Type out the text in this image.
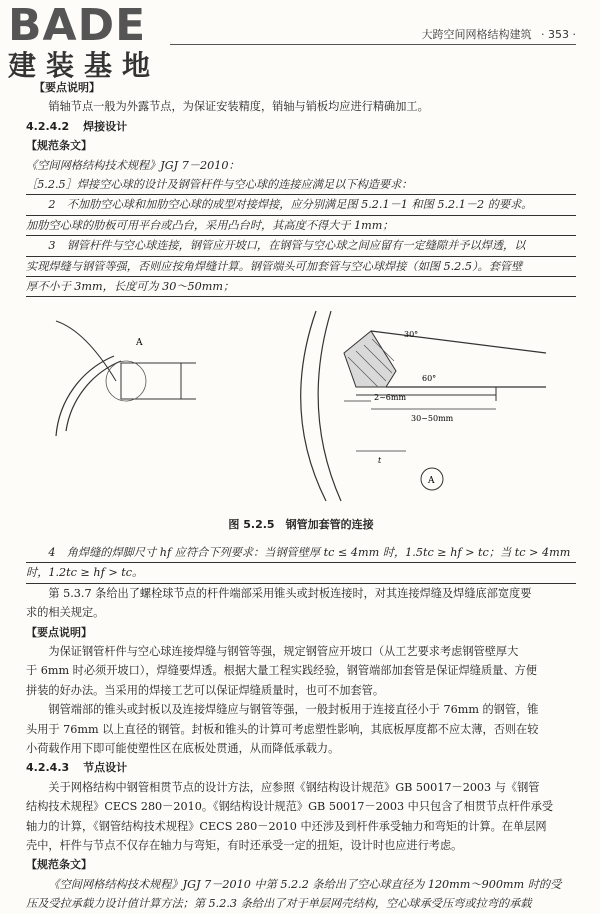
BADE
建装基地
大跨空间网格结构建筑 · 353 ·

【要点说明】

销轴节点一般为外露节点，为保证安装精度，销轴与销板均应进行精确加工。

4.2.4.2 焊接设计

【规范条文】

《空间网格结构技术规程》JGJ 7－2010：

［5.2.5］焊接空心球的设计及钢管杆件与空心球的连接应满足以下构造要求：

2　不加肋空心球和加肋空心球的成型对接焊接，应分别满足图 5.2.1－1 和图 5.2.1－2 的要求。

加肋空心球的肋板可用平台或凸台，采用凸台时，其高度不得大于 1mm；

3　钢管杆件与空心球连接，钢管应开坡口，在钢管与空心球之间应留有一定缝隙并予以焊透，以

实现焊缝与钢管等强，否则应按角焊缝计算。钢管端头可加套管与空心球焊接（如图 5.2.5）。套管壁

厚不小于 3mm，长度可为 30～50mm；

A
30°
60°
2~6mm
30~50mm
t
A

图 5.2.5　钢管加套管的连接

4　角焊缝的焊脚尺寸 hf 应符合下列要求：当钢管壁厚 tc ≤ 4mm 时，1.5tc ≥ hf > tc；当 tc > 4mm

时，1.2tc ≥ hf > tc。

第 5.3.7 条给出了螺栓球节点的杆件端部采用锥头或封板连接时，对其连接焊缝及焊缝底部宽度要

求的相关规定。

【要点说明】

为保证钢管杆件与空心球连接焊缝与钢管等强，规定钢管应开坡口（从工艺要求考虑钢管壁厚大

于 6mm 时必须开坡口），焊缝要焊透。根据大量工程实践经验，钢管端部加套管是保证焊缝质量、方便

拼装的好办法。当采用的焊接工艺可以保证焊缝质量时，也可不加套管。

钢管端部的锥头或封板以及连接焊缝应与钢管等强，一般封板用于连接直径小于 76mm 的钢管，锥

头用于 76mm 以上直径的钢管。封板和锥头的计算可考虑塑性影响，其底板厚度都不应太薄，否则在较

小荷载作用下即可能使塑性区在底板处贯通，从而降低承载力。

4.2.4.3 节点设计

关于网格结构中钢管相贯节点的设计方法，应参照《钢结构设计规范》GB 50017－2003 与《钢管

结构技术规程》CECS 280－2010。《钢结构设计规范》GB 50017－2003 中只包含了相贯节点杆件承受

轴力的计算，《钢管结构技术规程》CECS 280－2010 中还涉及到杆件承受轴力和弯矩的计算。在单层网

壳中，杆件与节点不仅存在轴力与弯矩，有时还承受一定的扭矩，设计时也应进行考虑。

【规范条文】

《空间网格结构技术规程》JGJ 7－2010 中第 5.2.2 条给出了空心球直径为 120mm～900mm 时的受

压及受拉承载力设计值计算方法；第 5.2.3 条给出了对于单层网壳结构，空心球承受压弯或拉弯的承载
